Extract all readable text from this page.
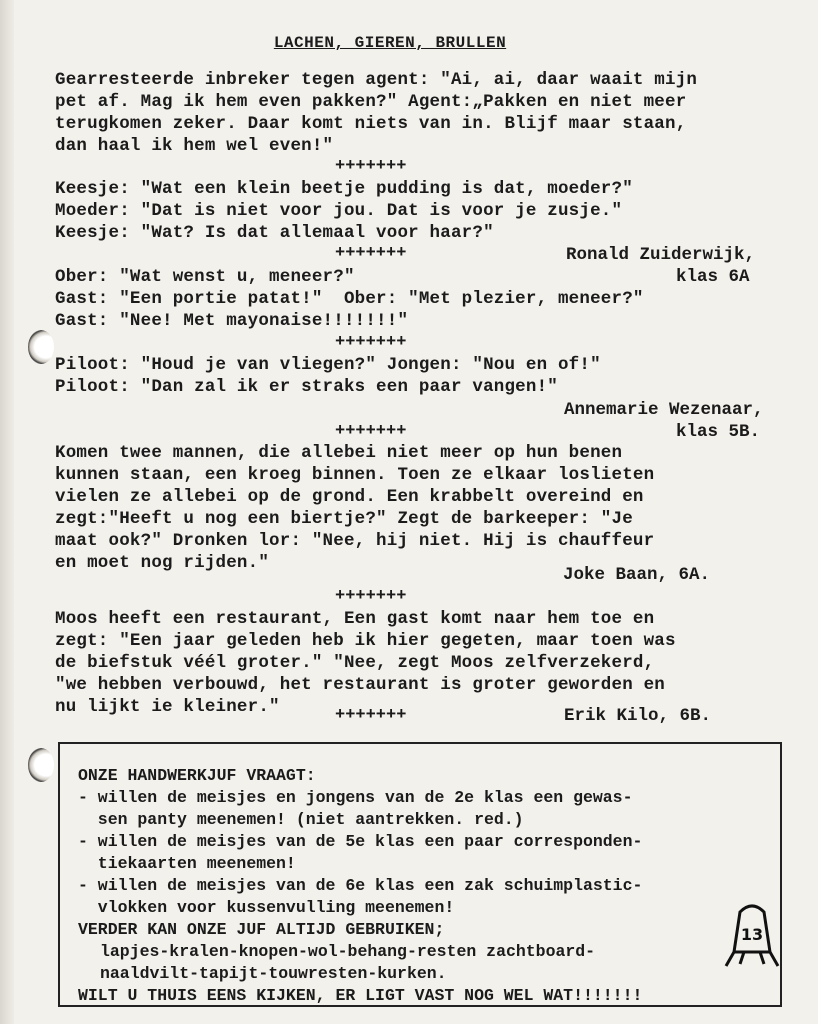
LACHEN, GIEREN, BRULLEN
Gearresteerde inbreker tegen agent: "Ai, ai, daar waait mijn
pet af. Mag ik hem even pakken?" Agent:„Pakken en niet meer
terugkomen zeker. Daar komt niets van in. Blijf maar staan,
dan haal ik hem wel even!"
+++++++
Keesje: "Wat een klein beetje pudding is dat, moeder?"
Moeder: "Dat is niet voor jou. Dat is voor je zusje."
Keesje: "Wat? Is dat allemaal voor haar?"
+++++++	Ronald Zuiderwijk,
Ober: "Wat wenst u, meneer?"	klas 6A
Gast: "Een portie patat!"  Ober: "Met plezier, meneer?"
Gast: "Nee! Met mayonaise!!!!!!!"
+++++++
Piloot: "Houd je van vliegen?" Jongen: "Nou en of!"
Piloot: "Dan zal ik er straks een paar vangen!"
Annemarie Wezenaar,
+++++++	klas 5B.
Komen twee mannen, die allebei niet meer op hun benen
kunnen staan, een kroeg binnen. Toen ze elkaar loslieten
vielen ze allebei op de grond. Een krabbelt overeind en
zegt:"Heeft u nog een biertje?" Zegt de barkeeper: "Je
maat ook?" Dronken lor: "Nee, hij niet. Hij is chauffeur
en moet nog rijden."
Joke Baan, 6A.
+++++++
Moos heeft een restaurant, Een gast komt naar hem toe en
zegt: "Een jaar geleden heb ik hier gegeten, maar toen was
de biefstuk véél groter." "Nee, zegt Moos zelfverzekerd,
"we hebben verbouwd, het restaurant is groter geworden en
nu lijkt ie kleiner."	+++++++	Erik Kilo, 6B.
ONZE HANDWERKJUF VRAAGT:
- willen de meisjes en jongens van de 2e klas een gewas-
sen panty meenemen! (niet aantrekken. red.)
- willen de meisjes van de 5e klas een paar corresponden-
tiekaarten meenemen!
- willen de meisjes van de 6e klas een zak schuimplastic-
vlokken voor kussenvulling meenemen!
VERDER KAN ONZE JUF ALTIJD GEBRUIKEN;
lapjes-kralen-knopen-wol-behang-resten zachtboard-
naaldvilt-tapijt-touwresten-kurken.
WILT U THUIS EENS KIJKEN, ER LIGT VAST NOG WEL WAT!!!!!!!
13
